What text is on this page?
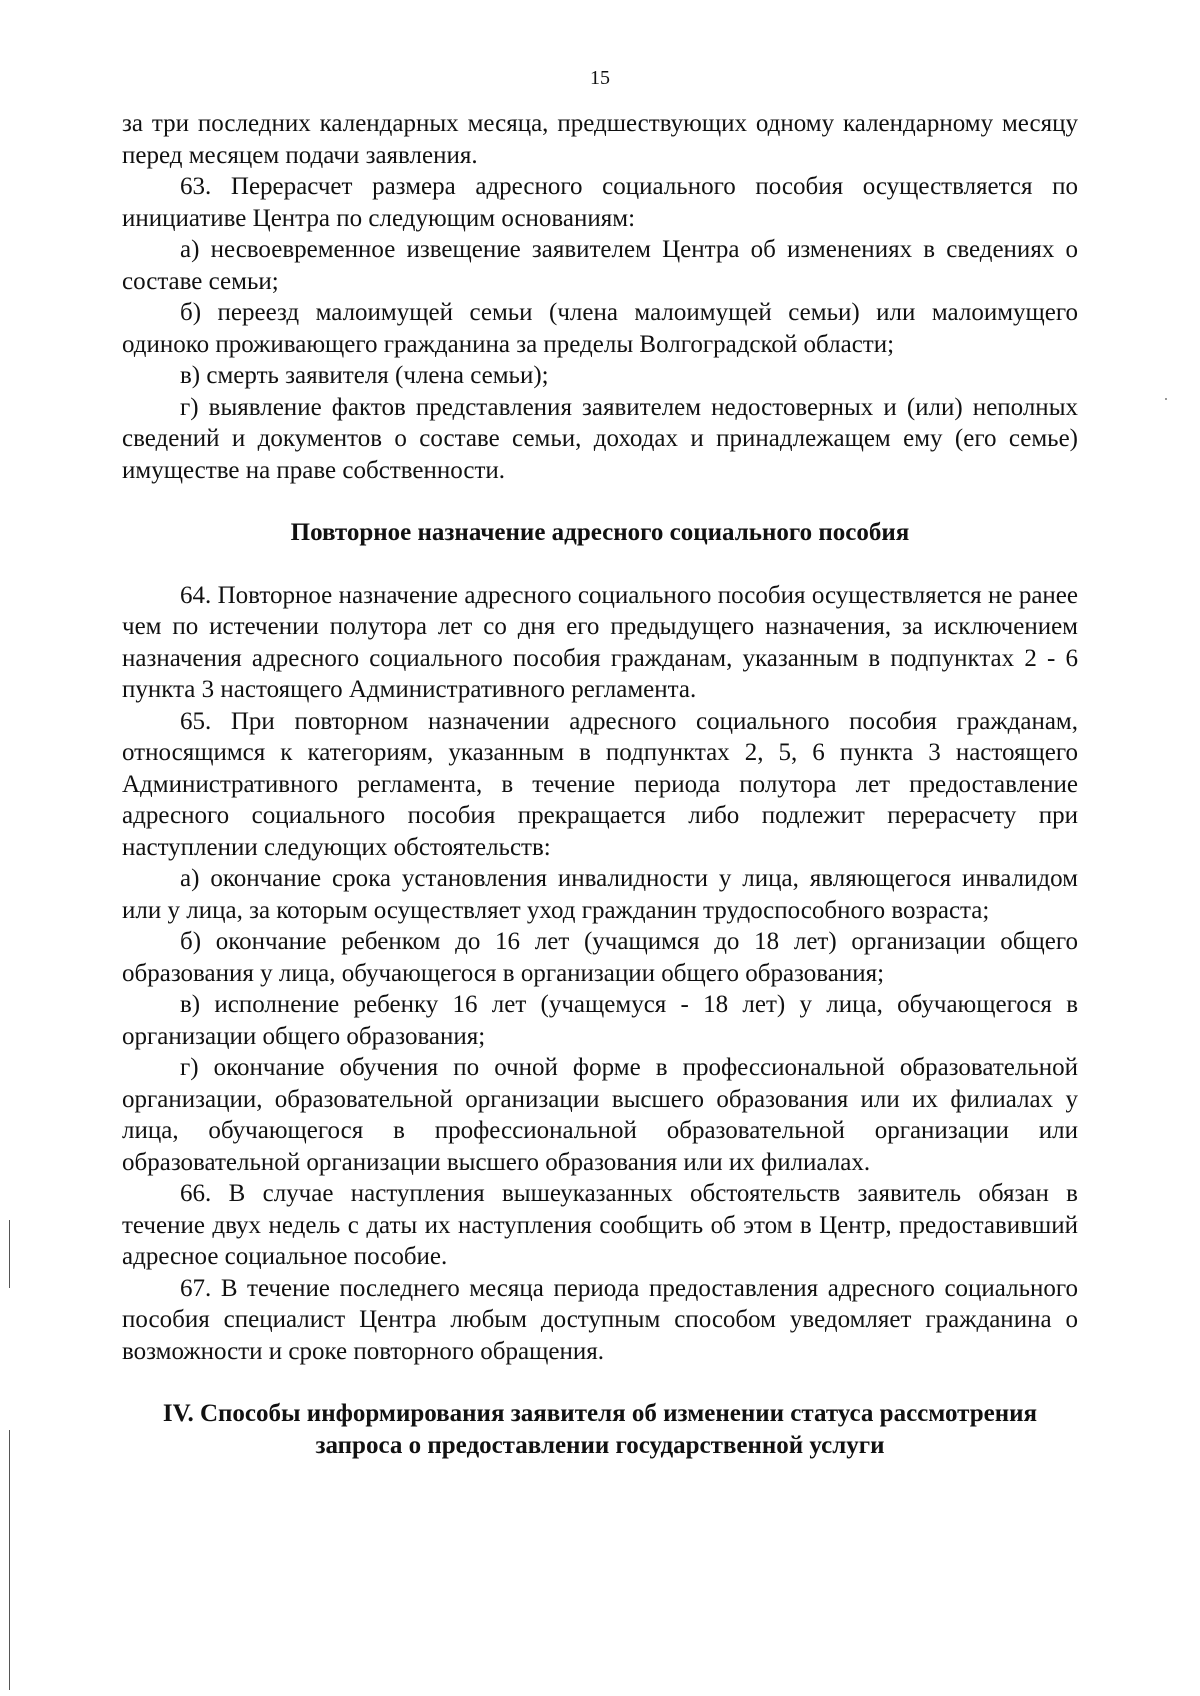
15

за три последних календарных месяца, предшествующих одному календарному месяцу перед месяцем подачи заявления.

63. Перерасчет размера адресного социального пособия осуществляется по инициативе Центра по следующим основаниям:

а) несвоевременное извещение заявителем Центра об изменениях в сведениях о составе семьи;

б) переезд малоимущей семьи (члена малоимущей семьи) или малоимущего одиноко проживающего гражданина за пределы Волгоградской области;

в) смерть заявителя (члена семьи);

г) выявление фактов представления заявителем недостоверных и (или) неполных сведений и документов о составе семьи, доходах и принадлежащем ему (его семье) имуществе на праве собственности.

Повторное назначение адресного социального пособия

64. Повторное назначение адресного социального пособия осуществляется не ранее чем по истечении полутора лет со дня его предыдущего назначения, за исключением назначения адресного социального пособия гражданам, указанным в подпунктах 2 - 6 пункта 3 настоящего Административного регламента.

65. При повторном назначении адресного социального пособия гражданам, относящимся к категориям, указанным в подпунктах 2, 5, 6 пункта 3 настоящего Административного регламента, в течение периода полутора лет предоставление адресного социального пособия прекращается либо подлежит перерасчету при наступлении следующих обстоятельств:

а) окончание срока установления инвалидности у лица, являющегося инвалидом или у лица, за которым осуществляет уход гражданин трудоспособного возраста;

б) окончание ребенком до 16 лет (учащимся до 18 лет) организации общего образования у лица, обучающегося в организации общего образования;

в) исполнение ребенку 16 лет (учащемуся - 18 лет) у лица, обучающегося в организации общего образования;

г) окончание обучения по очной форме в профессиональной образовательной организации, образовательной организации высшего образования или их филиалах у лица, обучающегося в профессиональной образовательной организации или образовательной организации высшего образования или их филиалах.

66. В случае наступления вышеуказанных обстоятельств заявитель обязан в течение двух недель с даты их наступления сообщить об этом в Центр, предоставивший адресное социальное пособие.

67. В течение последнего месяца периода предоставления адресного социального пособия специалист Центра любым доступным способом уведомляет гражданина о возможности и сроке повторного обращения.

IV. Способы информирования заявителя об изменении статуса рассмотрения запроса о предоставлении государственной услуги
